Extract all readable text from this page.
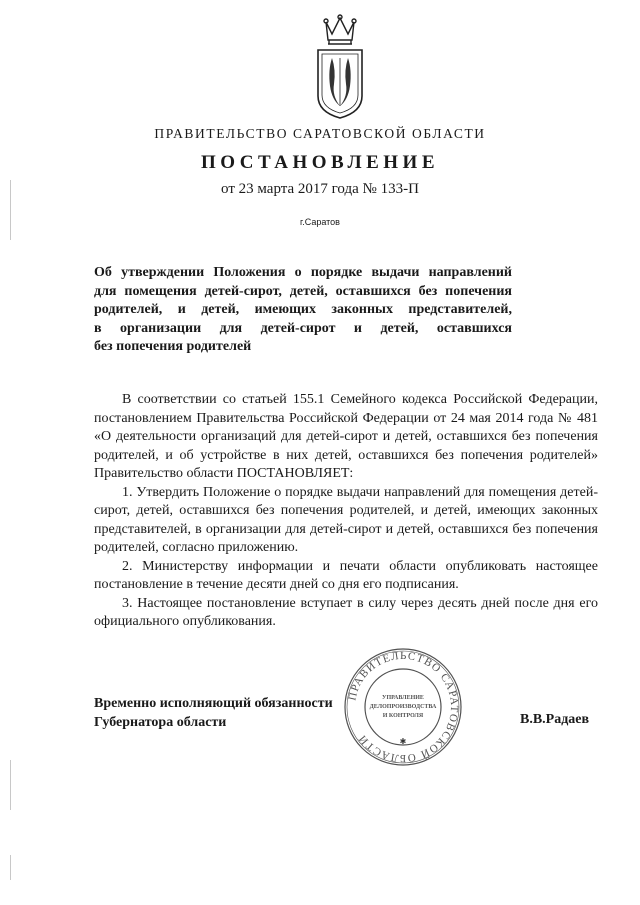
ПРАВИТЕЛЬСТВО САРАТОВСКОЙ ОБЛАСТИ
ПОСТАНОВЛЕНИЕ
от 23 марта 2017 года № 133-П
г.Саратов
Об утверждении Положения о порядке выдачи направлений
для помещения детей-сирот, детей, оставшихся без попечения
родителей, и детей, имеющих законных представителей,
в организации для детей-сирот и детей, оставшихся
без попечения родителей

В соответствии со статьей 155.1 Семейного кодекса Российской Федерации, постановлением Правительства Российской Федерации от 24 мая 2014 года № 481 «О деятельности организаций для детей-сирот и детей, оставшихся без попечения родителей, и об устройстве в них детей, оставшихся без попечения родителей» Правительство области ПОСТАНОВЛЯЕТ:

1. Утвердить Положение о порядке выдачи направлений для помещения детей-сирот, детей, оставшихся без попечения родителей, и детей, имеющих законных представителей, в организации для детей-сирот и детей, оставшихся без попечения родителей, согласно приложению.

2. Министерству информации и печати области опубликовать настоящее постановление в течение десяти дней со дня его подписания.

3. Настоящее постановление вступает в силу через десять дней после дня его официального опубликования.

ПРАВИТЕЛЬСТВО САРАТОВСКОЙ ОБЛАСТИ
УПРАВЛЕНИЕ
ДЕЛОПРОИЗВОДСТВА
И КОНТРОЛЯ
✱
Временно исполняющий обязанности
Губернатора области	В.В.Радаев
